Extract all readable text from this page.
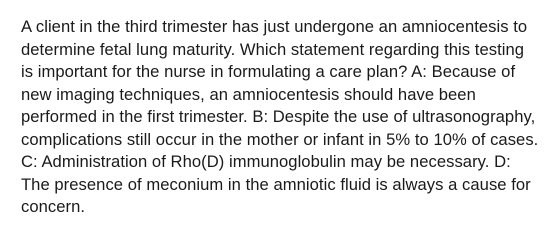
A client in the third trimester has just undergone an amniocentesis to determine fetal lung maturity. Which statement regarding this testing is important for the nurse in formulating a care plan? A: Because of new imaging techniques, an amniocentesis should have been performed in the first trimester. B: Despite the use of ultrasonography, complications still occur in the mother or infant in 5% to 10% of cases. C: Administration of Rho(D) immunoglobulin may be necessary. D: The presence of meconium in the amniotic fluid is always a cause for concern.
